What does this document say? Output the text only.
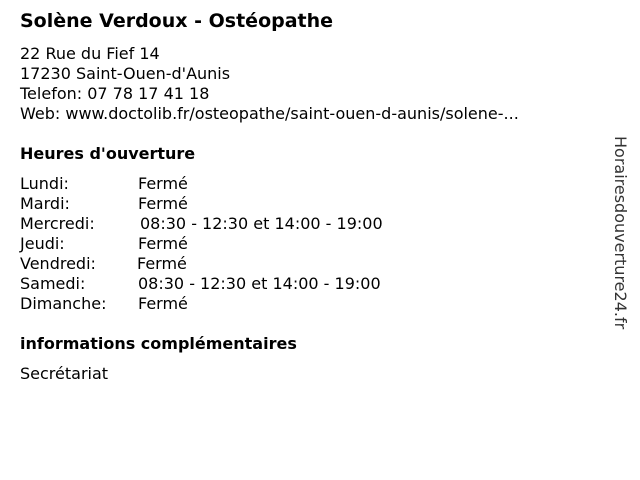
Solène Verdoux - Ostéopathe
22 Rue du Fief 14
17230 Saint-Ouen-d'Aunis
Telefon: 07 78 17 41 18
Web: www.doctolib.fr/osteopathe/saint-ouen-d-aunis/solene-...
Heures d'ouverture
Lundi:	Fermé
Mardi:	Fermé
Mercredi:	08:30 - 12:30 et 14:00 - 19:00
Jeudi:	Fermé
Vendredi:	Fermé
Samedi:	08:30 - 12:30 et 14:00 - 19:00
Dimanche: Fermé
informations complémentaires
Secrétariat
Horairesdouverture24.fr
